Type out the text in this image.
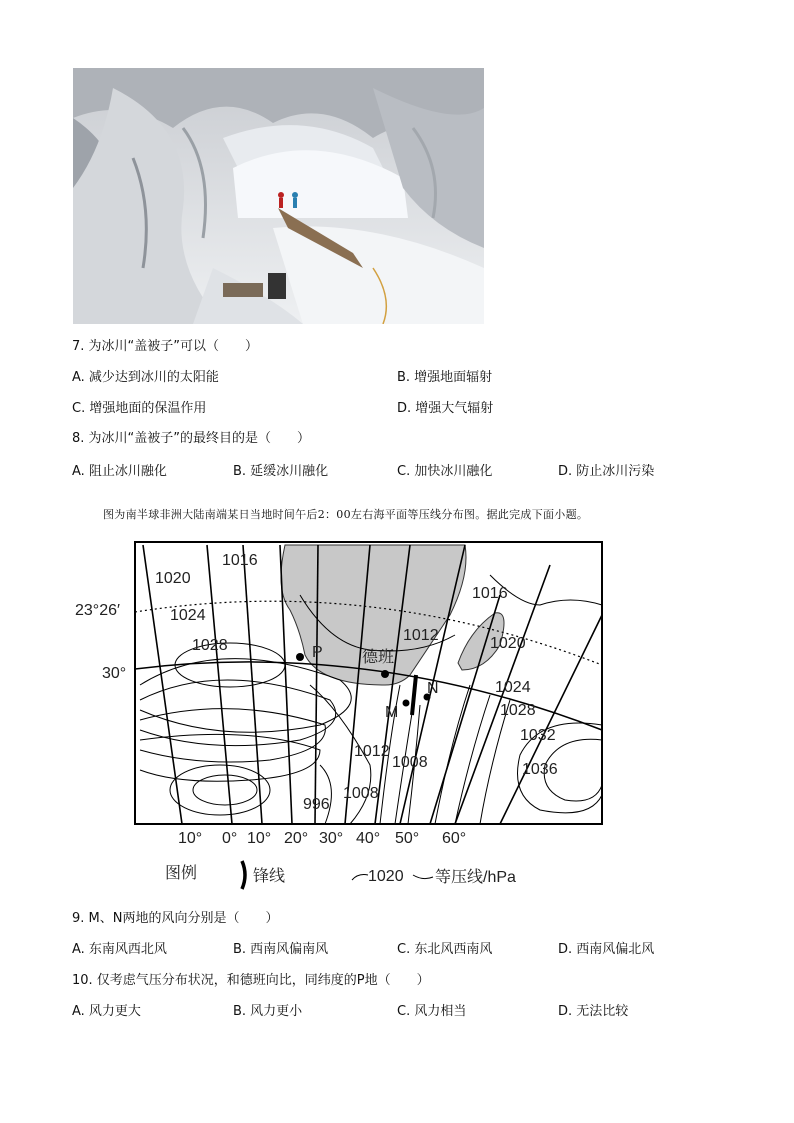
7. 为冰川“盖被子”可以（　　）
A. 减少达到冰川的太阳能	B. 增强地面辐射
C. 增强地面的保温作用	D. 增强大气辐射
8. 为冰川“盖被子”的最终目的是（　　）
A. 阻止冰川融化	B. 延缓冰川融化	C. 加快冰川融化	D. 防止冰川污染
图为南半球非洲大陆南端某日当地时间午后2：00左右海平面等压线分布图。据此完成下面小题。
P 德班
M
N
23°26′
30°
1016
1020
1024
1028
1012
1016
1020
1024
1028
1032
1036
1012
1008
1008
996
10° 0° 10° 20° 30° 40° 50° 60°
图例	锋线	1020 等压线/hPa
9. M、N两地的风向分别是（　　）
A. 东南风西北风	B. 西南风偏南风	C. 东北风西南风	D. 西南风偏北风
10. 仅考虑气压分布状况，和德班向比，同纬度的P地（　　）
A. 风力更大	B. 风力更小	C. 风力相当	D. 无法比较
